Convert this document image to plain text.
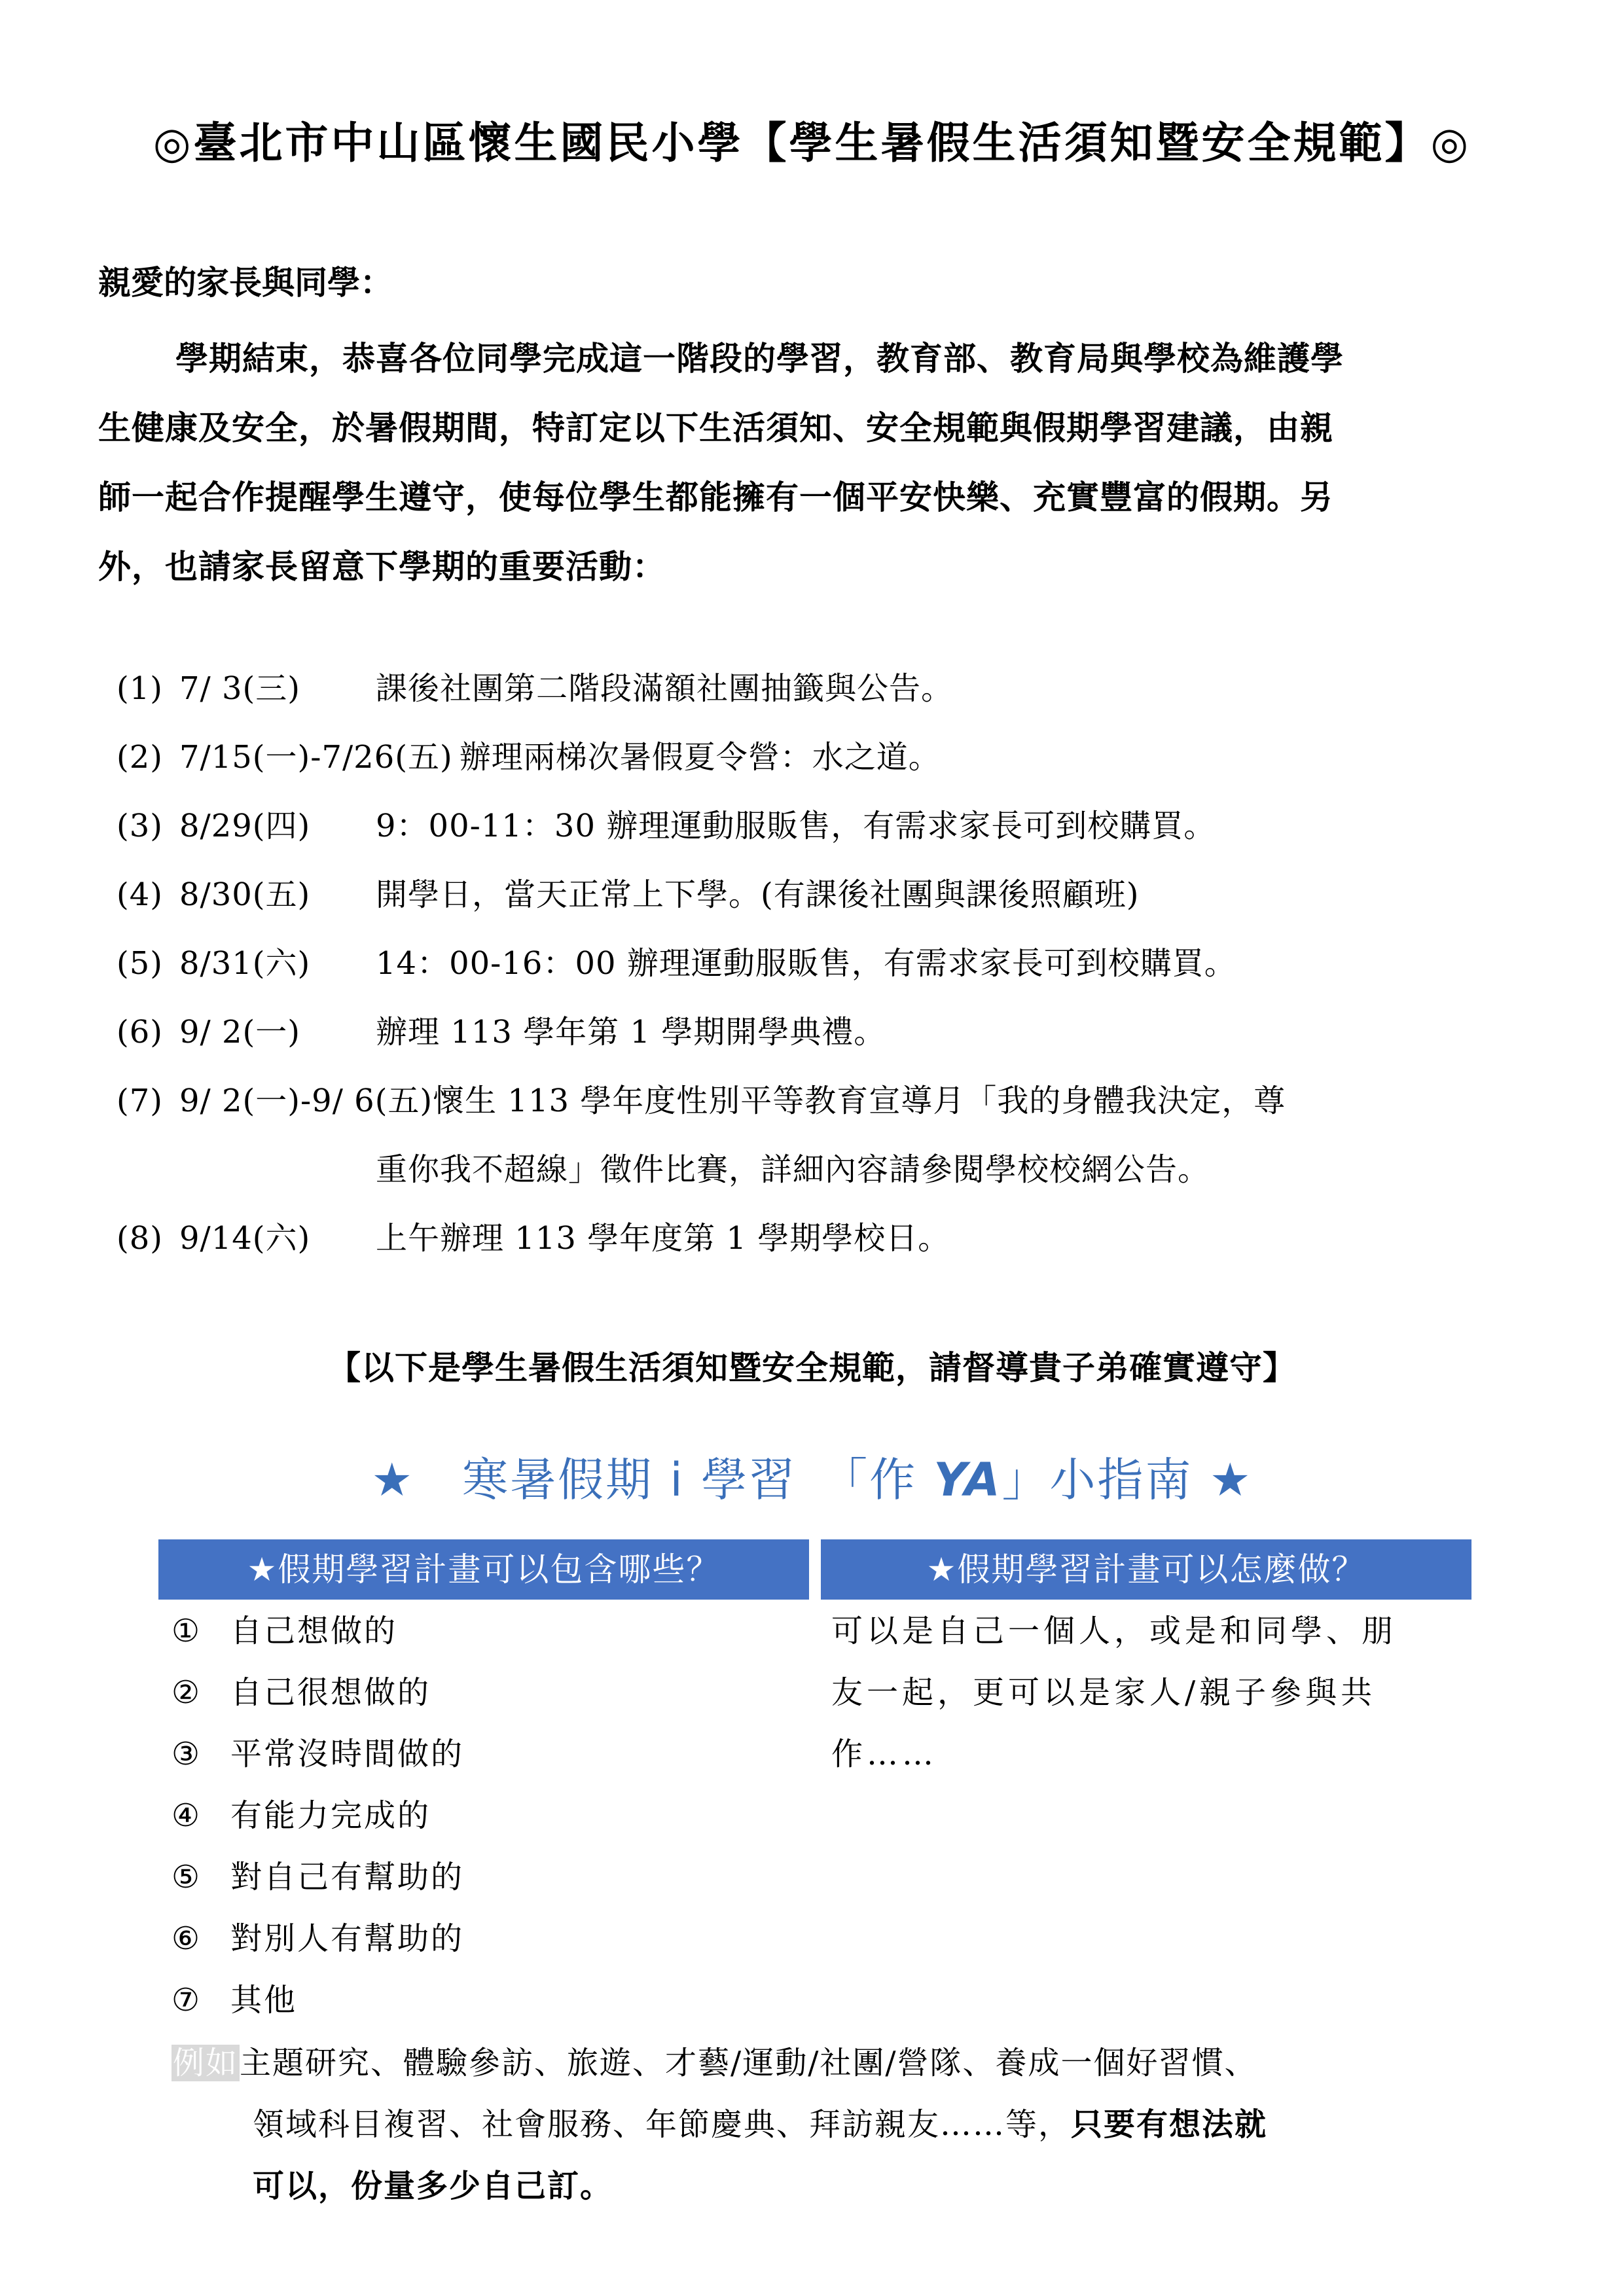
◎臺北市中山區懷生國民小學【學生暑假生活須知暨安全規範】◎
親愛的家長與同學：
學期結束，恭喜各位同學完成這一階段的學習，教育部、教育局與學校為維護學
生健康及安全，於暑假期間，特訂定以下生活須知、安全規範與假期學習建議，由親
師一起合作提醒學生遵守，使每位學生都能擁有一個平安快樂、充實豐富的假期。另
外，也請家長留意下學期的重要活動：
(1) 7/ 3(三) 課後社團第二階段滿額社團抽籤與公告。
(2) 7/15(一)-7/26(五) 辦理兩梯次暑假夏令營：水之道。
(3) 8/29(四) 9：00-11：30 辦理運動服販售，有需求家長可到校購買。
(4) 8/30(五) 開學日，當天正常上下學。(有課後社團與課後照顧班)
(5) 8/31(六) 14：00-16：00 辦理運動服販售，有需求家長可到校購買。
(6) 9/ 2(一) 辦理 113 學年第 1 學期開學典禮。
(7) 9/ 2(一)-9/ 6(五)懷生 113 學年度性別平等教育宣導月「我的身體我決定，尊
重你我不超線」徵件比賽，詳細內容請參閱學校校網公告。
(8) 9/14(六) 上午辦理 113 學年度第 1 學期學校日。
【以下是學生暑假生活須知暨安全規範，請督導貴子弟確實遵守】
★　寒暑假期 i 學習　「作 YA」小指南 ★
★假期學習計畫可以包含哪些？	★假期學習計畫可以怎麼做？
① 自己想做的
② 自己很想做的
③ 平常沒時間做的
④ 有能力完成的
⑤ 對自己有幫助的
⑥ 對別人有幫助的
⑦ 其他
可以是自己一個人，或是和同學、朋
友一起，更可以是家人/親子參與共
作……
例如主題研究、體驗參訪、旅遊、才藝/運動/社團/營隊、養成一個好習慣、
領域科目複習、社會服務、年節慶典、拜訪親友……等，只要有想法就
可以，份量多少自己訂。
